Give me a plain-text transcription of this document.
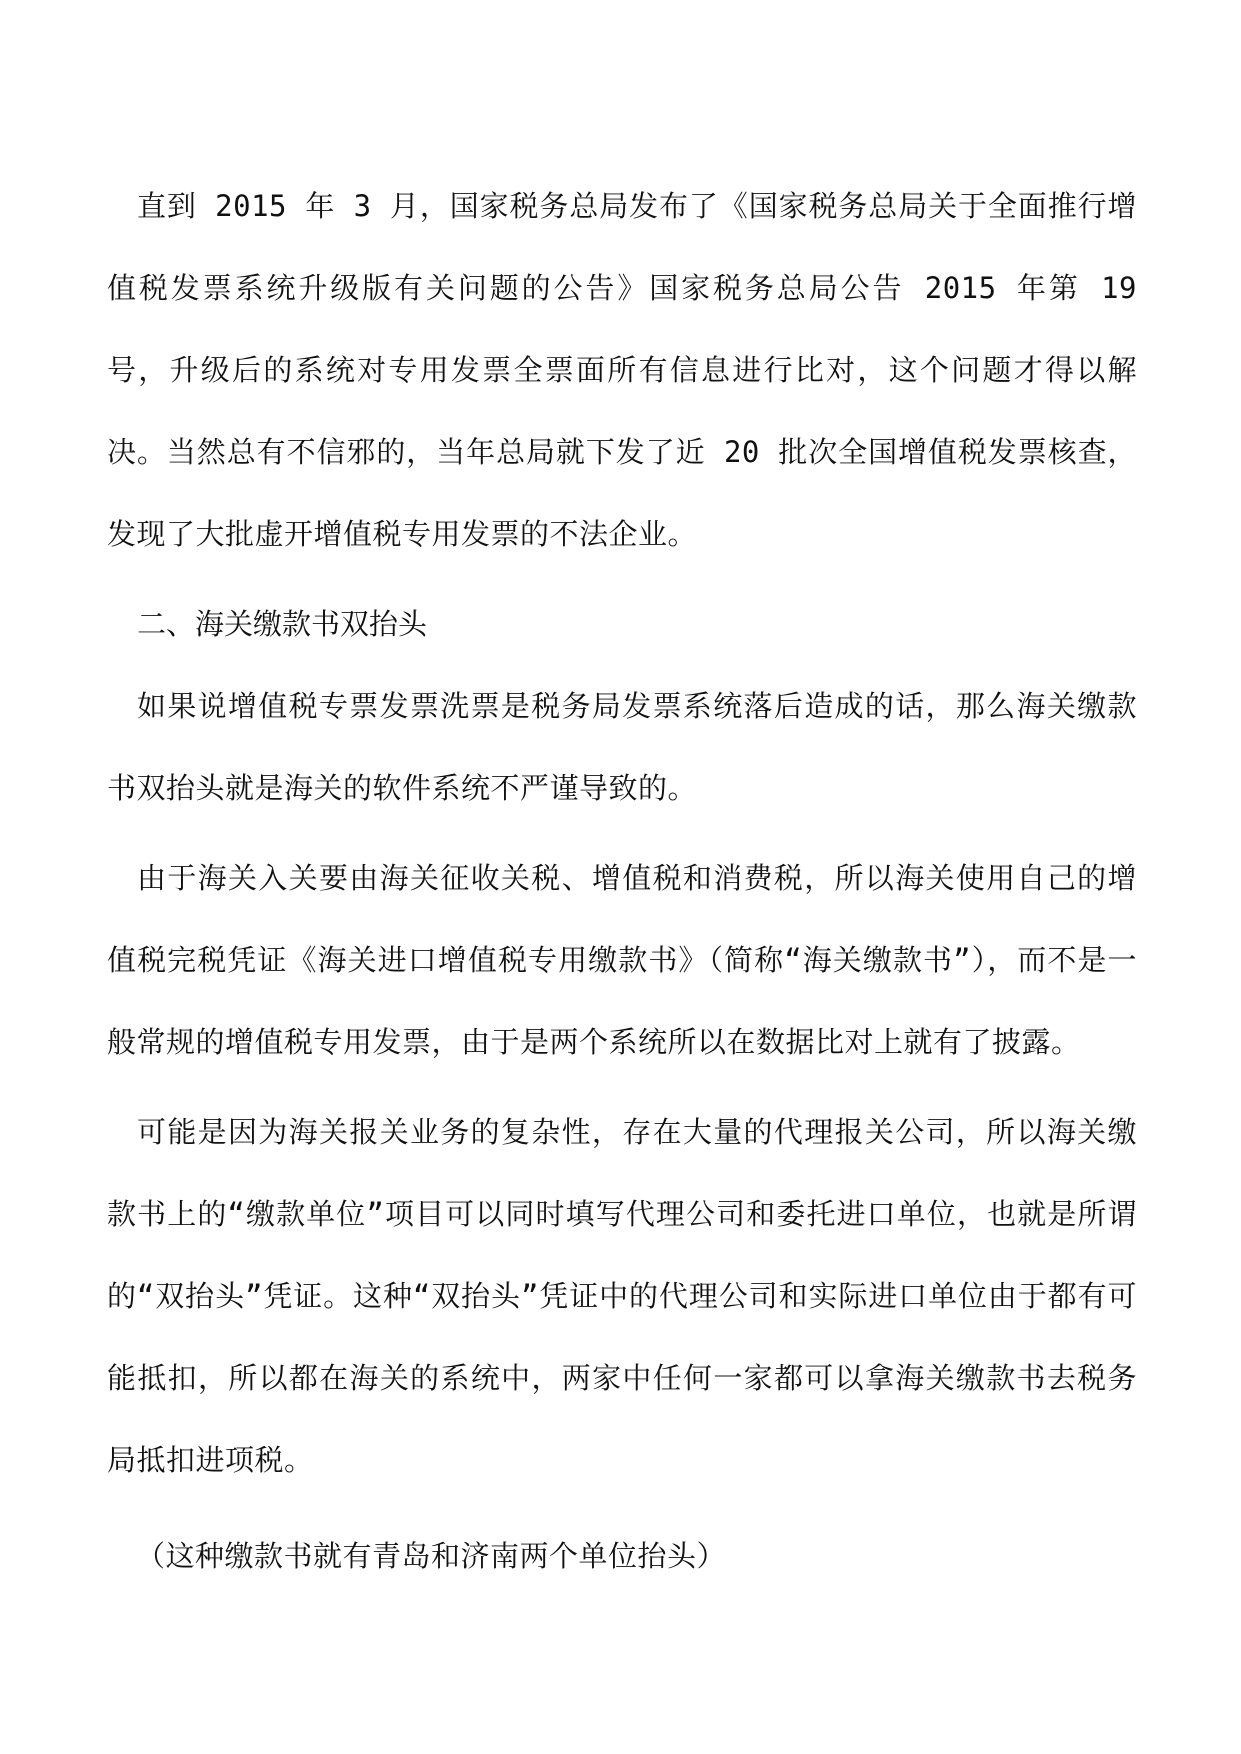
直到 2015 年 3 月，国家税务总局发布了《国家税务总局关于全面推行增值税发票系统升级版有关问题的公告》国家税务总局公告 2015 年第 19 号，升级后的系统对专用发票全票面所有信息进行比对，这个问题才得以解决。当然总有不信邪的，当年总局就下发了近 20 批次全国增值税发票核查，发现了大批虚开增值税专用发票的不法企业。

二、海关缴款书双抬头

如果说增值税专票发票洗票是税务局发票系统落后造成的话，那么海关缴款书双抬头就是海关的软件系统不严谨导致的。

由于海关入关要由海关征收关税、增值税和消费税，所以海关使用自己的增值税完税凭证《海关进口增值税专用缴款书》（简称“海关缴款书”），而不是一般常规的增值税专用发票，由于是两个系统所以在数据比对上就有了披露。

可能是因为海关报关业务的复杂性，存在大量的代理报关公司，所以海关缴款书上的“缴款单位”项目可以同时填写代理公司和委托进口单位，也就是所谓的“双抬头”凭证。这种“双抬头”凭证中的代理公司和实际进口单位由于都有可能抵扣，所以都在海关的系统中，两家中任何一家都可以拿海关缴款书去税务局抵扣进项税。

（这种缴款书就有青岛和济南两个单位抬头）
